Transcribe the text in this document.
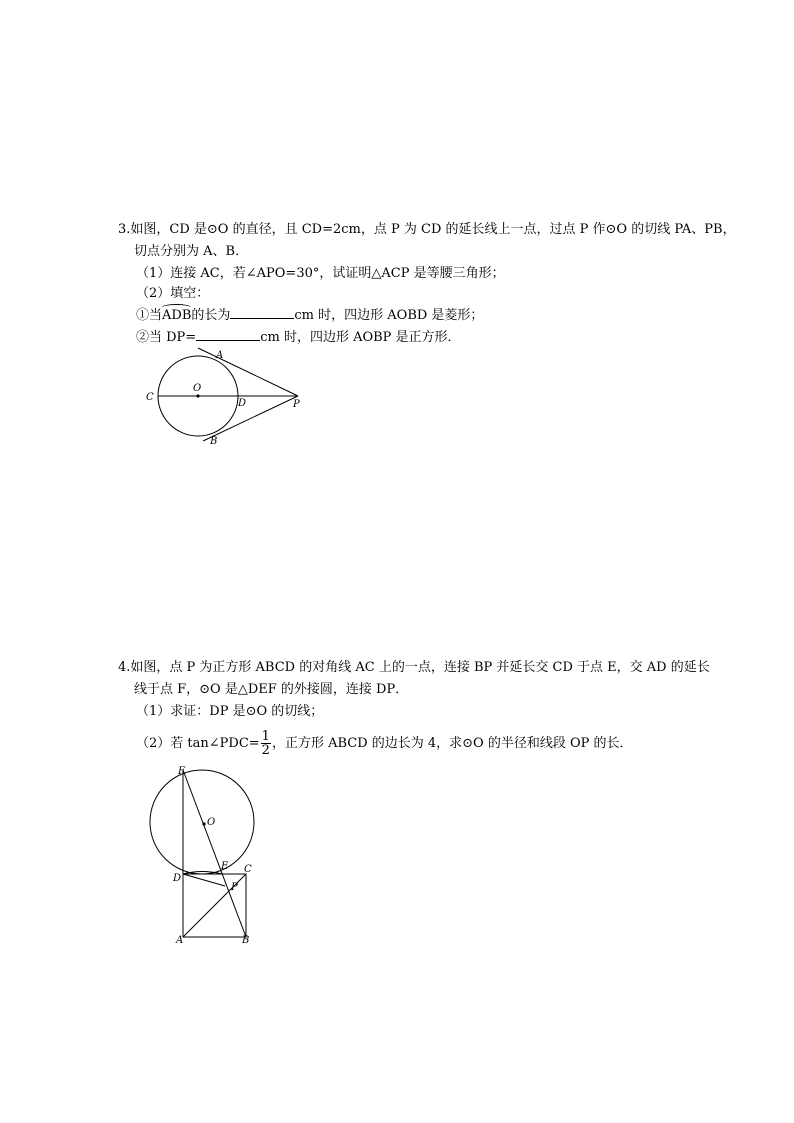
3.如图，CD 是⊙O 的直径，且 CD=2cm，点 P 为 CD 的延长线上一点，过点 P 作⊙O 的切线 PA、PB，
切点分别为 A、B．
（1）连接 AC，若∠APO=30°，试证明△ACP 是等腰三角形；
（2）填空：
①当ADB的长为	cm 时，四边形 AOBD 是菱形；
②当 DP=	cm 时，四边形 AOBP 是正方形．
A
B
C
D
O
P
4.如图，点 P 为正方形 ABCD 的对角线 AC 上的一点，连接 BP 并延长交 CD 于点 E，交 AD 的延长
线于点 F，⊙O 是△DEF 的外接圆，连接 DP．
（1）求证：DP 是⊙O 的切线；
（2）若 tan∠PDC= $\frac{1}{2}$ ，正方形 ABCD 的边长为 4，求⊙O 的半径和线段 OP 的长．
F
O
E C
D
P
A	B
